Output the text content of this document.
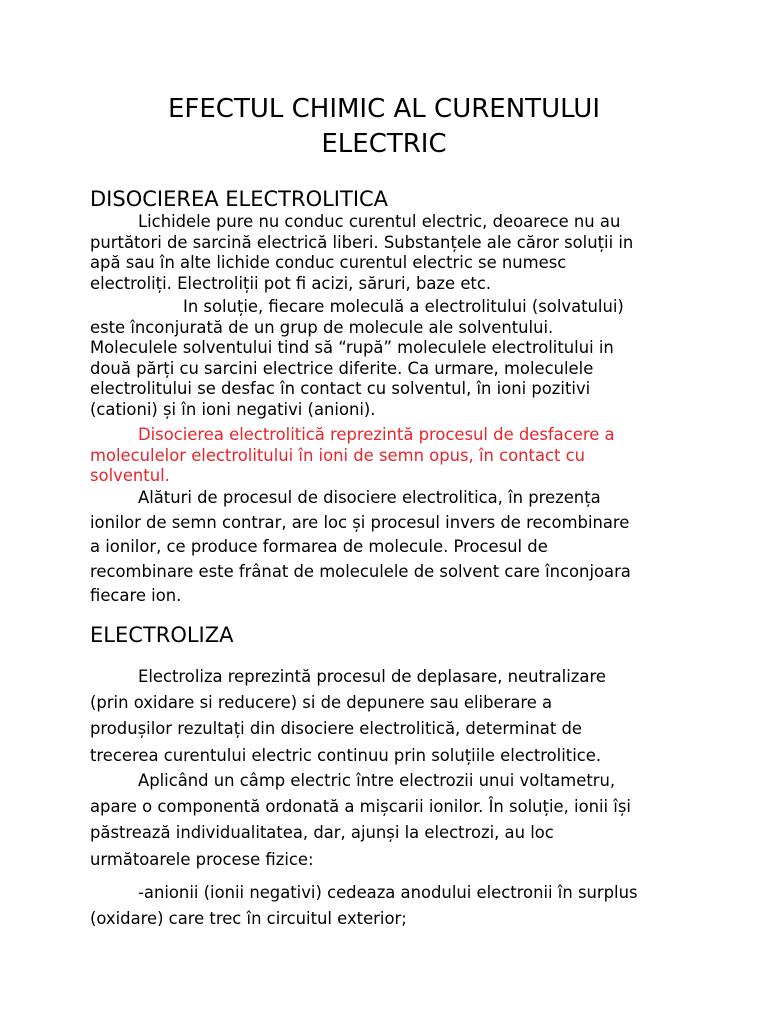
EFECTUL CHIMIC AL CURENTULUI
ELECTRIC
DISOCIEREA ELECTROLITICA

Lichidele pure nu conduc curentul electric, deoarece nu au
purtători de sarcină electrică liberi. Substanțele ale căror soluții in
apă sau în alte lichide conduc curentul electric se numesc
electroliți. Electroliții pot fi acizi, săruri, baze etc.

In soluție, fiecare moleculă a electrolitului (solvatului)
este înconjurată de un grup de molecule ale solventului.
Moleculele solventului tind să “rupă” moleculele electrolitului in
două părți cu sarcini electrice diferite. Ca urmare, moleculele
electrolitului se desfac în contact cu solventul, în ioni pozitivi
(cationi) și în ioni negativi (anioni).

Disocierea electrolitică reprezintă procesul de desfacere a
moleculelor electrolitului în ioni de semn opus, în contact cu
solventul.

Alături de procesul de disociere electrolitica, în prezența
ionilor de semn contrar, are loc și procesul invers de recombinare
a ionilor, ce produce formarea de molecule. Procesul de
recombinare este frânat de moleculele de solvent care înconjoara
fiecare ion.

ELECTROLIZA

Electroliza reprezintă procesul de deplasare, neutralizare
(prin oxidare si reducere) si de depunere sau eliberare a
produșilor rezultați din disociere electrolitică, determinat de
trecerea curentului electric continuu prin soluțiile electrolitice.

Aplicând un câmp electric între electrozii unui voltametru,
apare o componentă ordonată a mișcarii ionilor. În soluție, ionii își
păstrează individualitatea, dar, ajunși la electrozi, au loc
următoarele procese fizice:

-anionii (ionii negativi) cedeaza anodului electronii în surplus
(oxidare) care trec în circuitul exterior;
